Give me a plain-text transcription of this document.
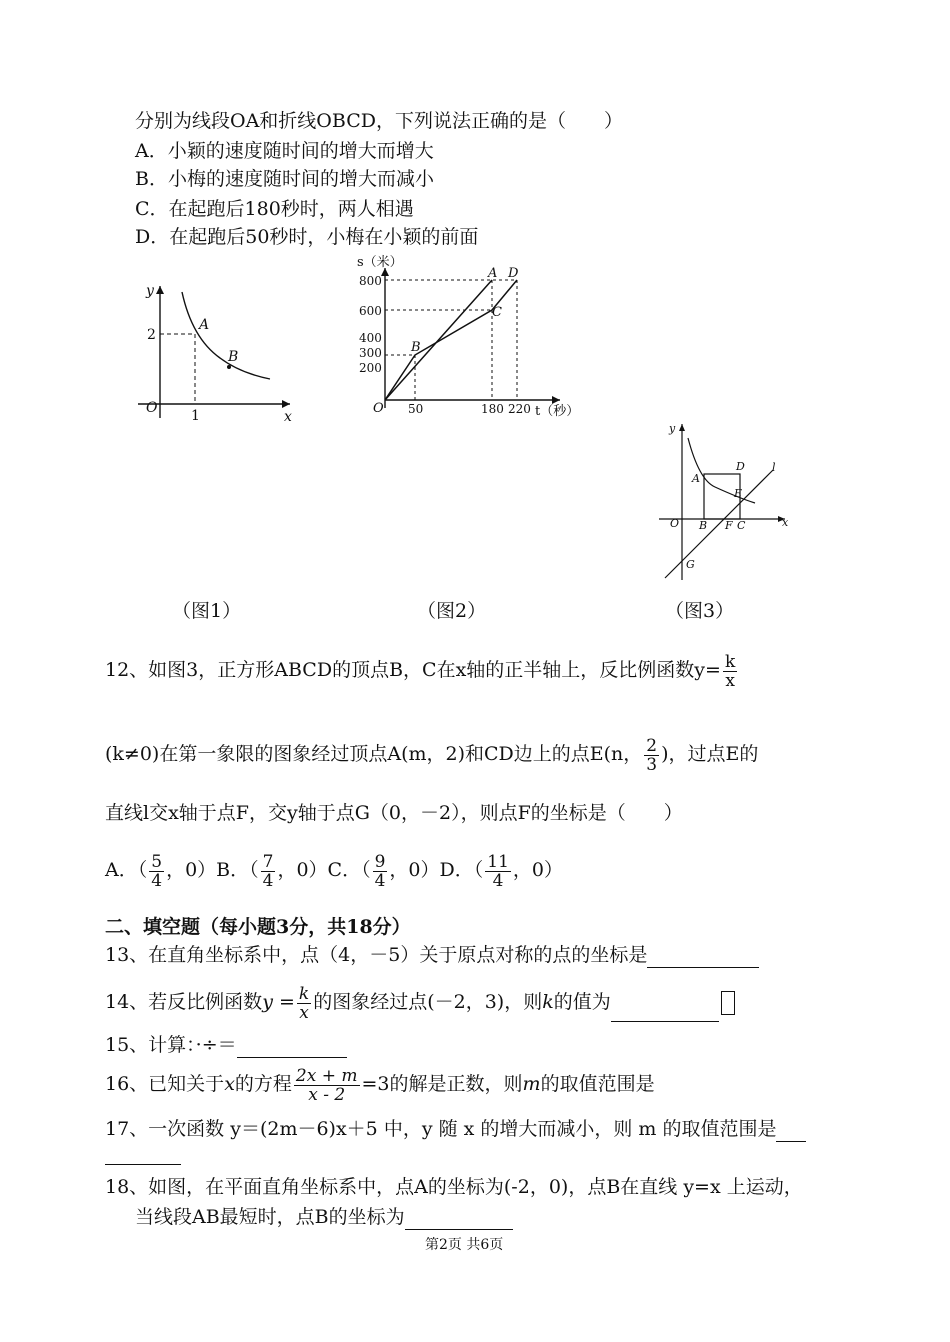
分别为线段OA和折线OBCD，下列说法正确的是（　　）
A．小颖的速度随时间的增大而增大
B．小梅的速度随时间的增大而减小
C．在起跑后180秒时，两人相遇
D．在起跑后50秒时，小梅在小颖的前面
y
x
O
A
B
2
1
s（米）
t（秒）
O
800
600
400
300
200
50	180 220
A D
C
B
y
x
O
l
A
D
E
B F C
G
（图1）	（图2）	（图3）
12、如图3，正方形ABCD的顶点B，C在x轴的正半轴上，反比例函数$y= \frac{k}{x}$
(k≠0)在第一象限的图象经过顶点A(m，2)和CD边上的点E(n， $\frac{2}{3}$ )，过点E的
直线l交x轴于点F，交y轴于点G（0，－2），则点F的坐标是（　　）
A．（ $\frac{5}{4}$ ，0）B．（ $\frac{7}{4}$ ，0）C．（ $\frac{9}{4}$ ，0）D．（ $\frac{11}{4}$ ，0）
二、填空题（每小题3分，共18分）
13、在直角坐标系中，点（4，－5）关于原点对称的点的坐标是
14、若反比例函数$y = \frac{k}{x}$ 的图象经过点(－2，3)，则k的值为
15、计算：·÷＝
16、已知关于x的方程 $\frac{2x + m}{x - 2} =3$的解是正数，则m的取值范围是
17、一次函数 y＝(2m－6)x＋5 中，y 随 x 的增大而减小，则 m 的取值范围是
18、如图，在平面直角坐标系中，点A的坐标为(-2，0)，点B在直线 y=x 上运动，
当线段AB最短时，点B的坐标为
第2页 共6页
